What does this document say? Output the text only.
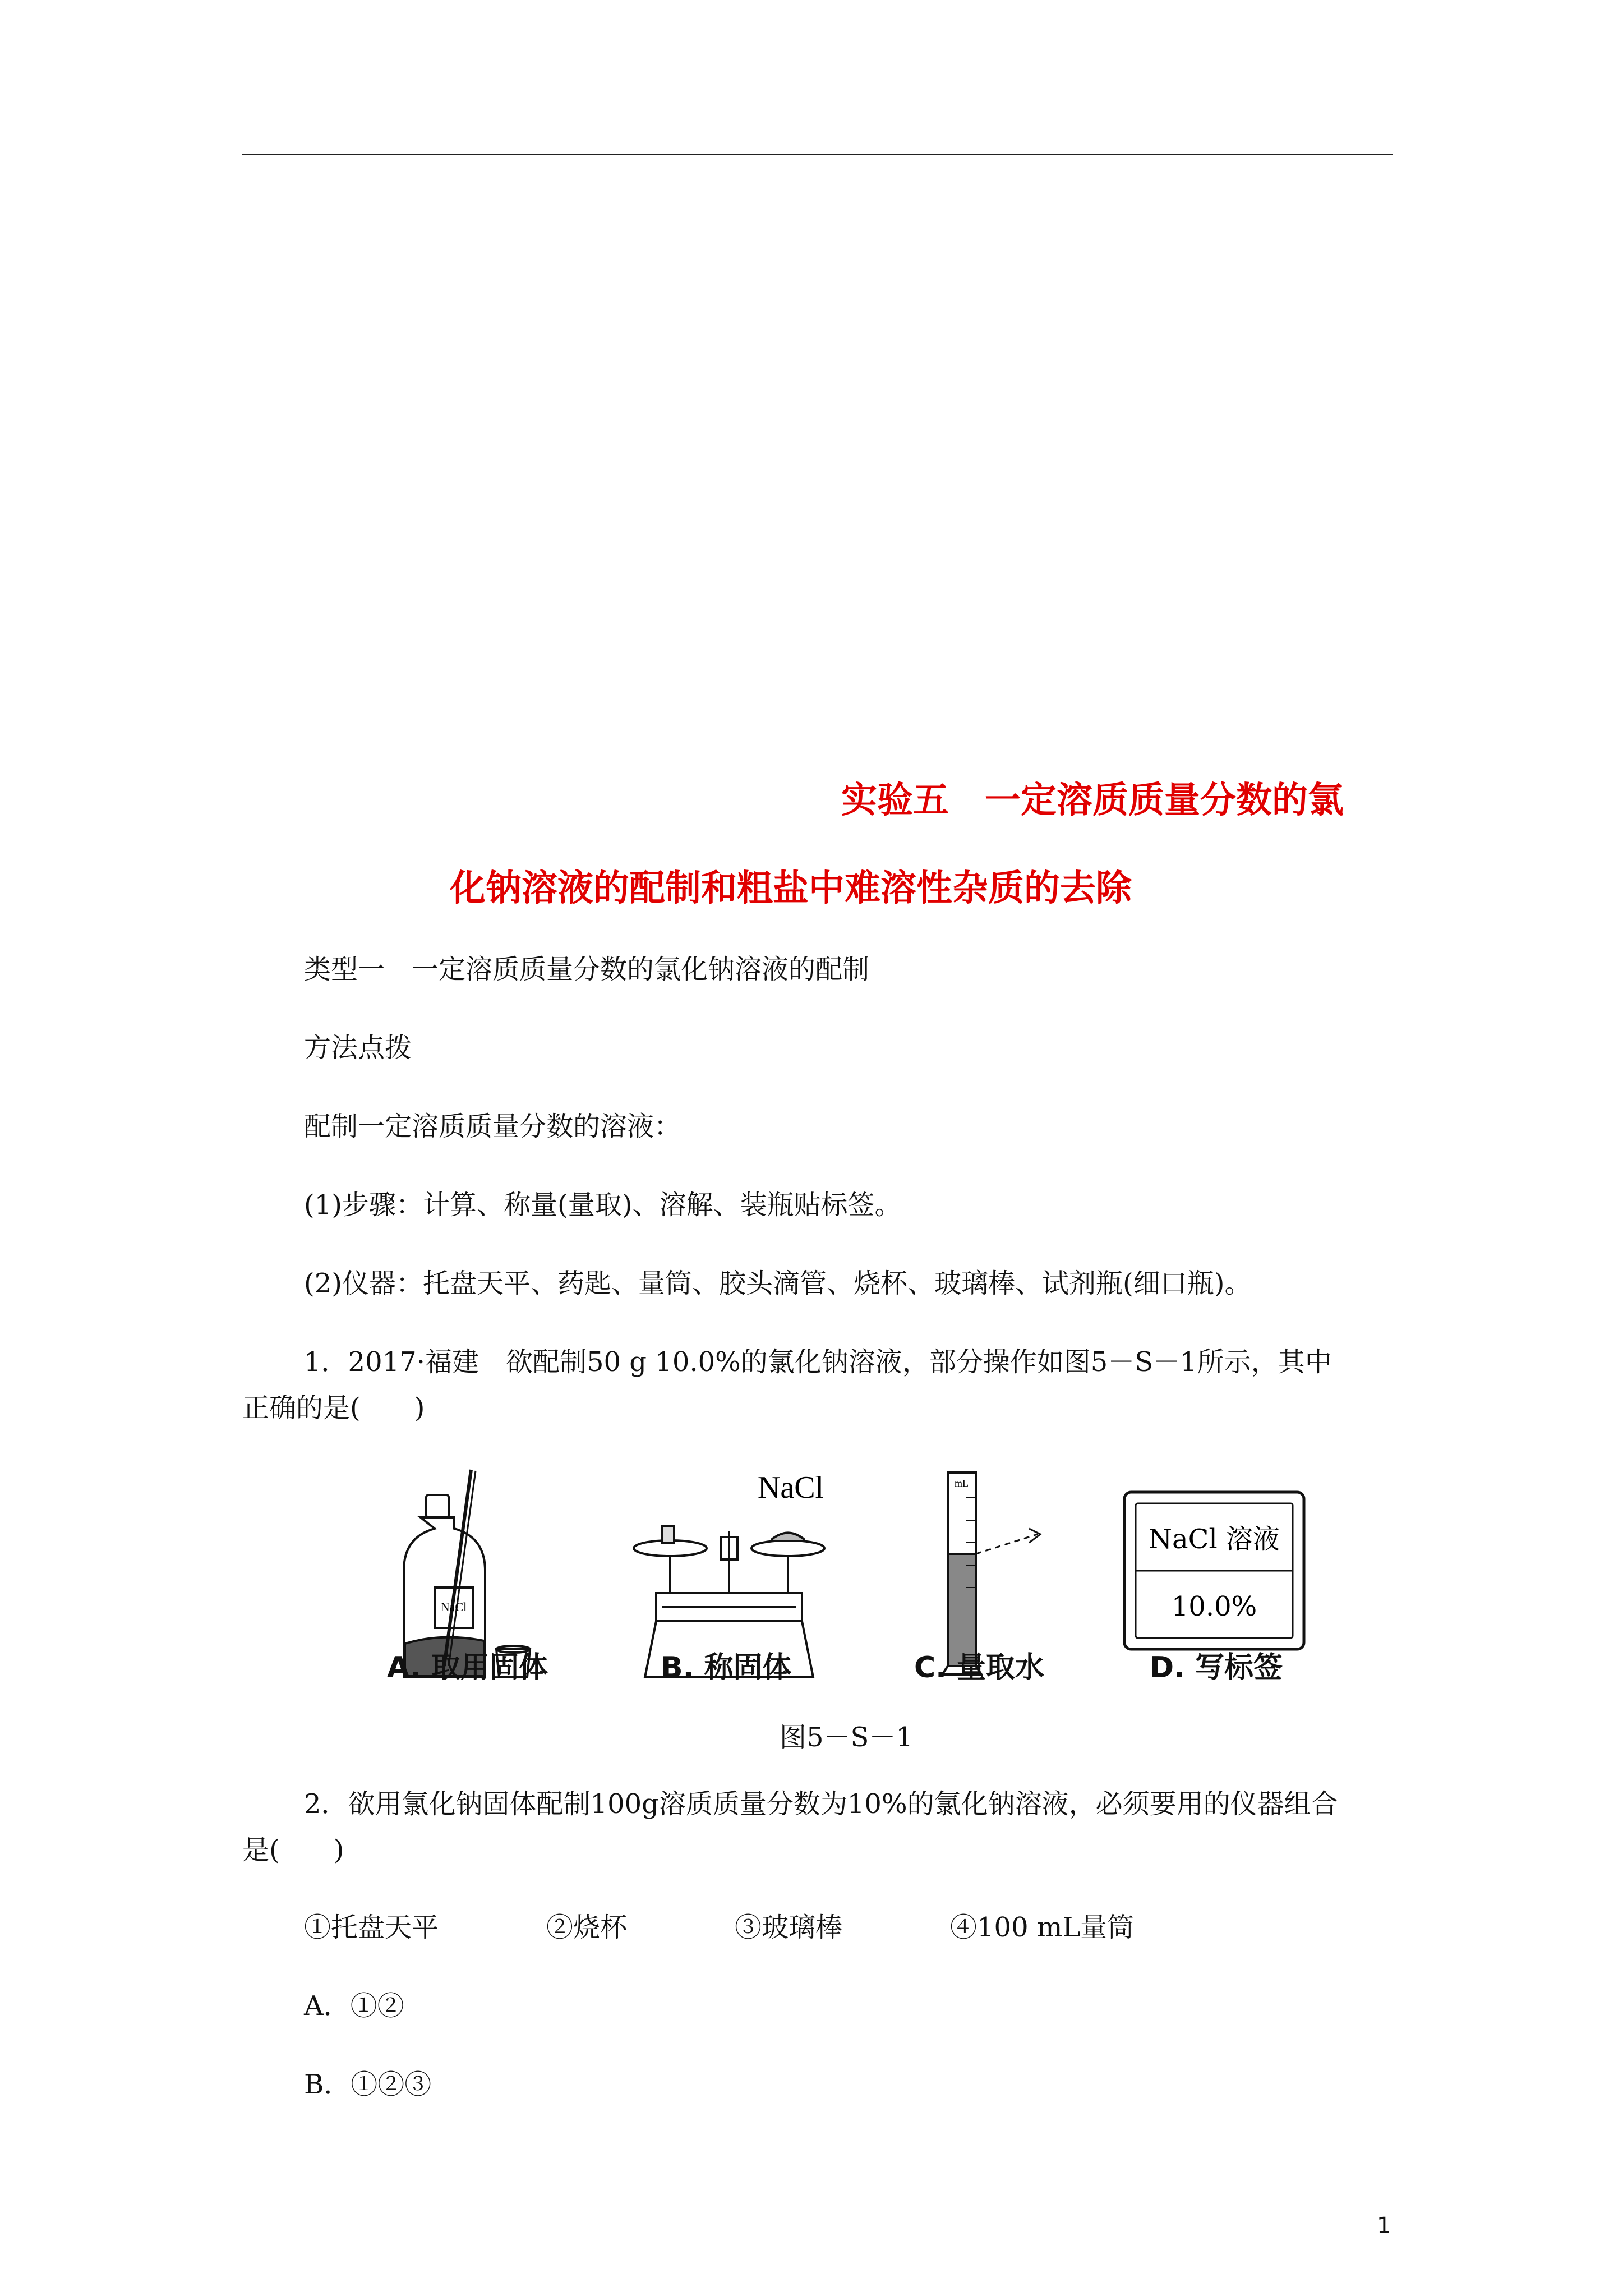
实验五　一定溶质质量分数的氯
化钠溶液的配制和粗盐中难溶性杂质的去除
类型一　一定溶质质量分数的氯化钠溶液的配制
方法点拨
配制一定溶质质量分数的溶液：
(1)步骤：计算、称量(量取)、溶解、装瓶贴标签。
(2)仪器：托盘天平、药匙、量筒、胶头滴管、烧杯、玻璃棒、试剂瓶(细口瓶)。
1．2017·福建　欲配制50 g 10.0%的氯化钠溶液，部分操作如图5－S－1所示，其中
正确的是(　　)
NaCl
NaCl	mL
NaCl 溶液
10.0%
A. 取用固体	B. 称固体	C. 量取水	D. 写标签
图5－S－1
2．欲用氯化钠固体配制100g溶质质量分数为10%的氯化钠溶液，必须要用的仪器组合
是(　　)
①托盘天平　　　　②烧杯　　　　③玻璃棒　　　　④100 mL量筒
A．①②
B．①②③
1
